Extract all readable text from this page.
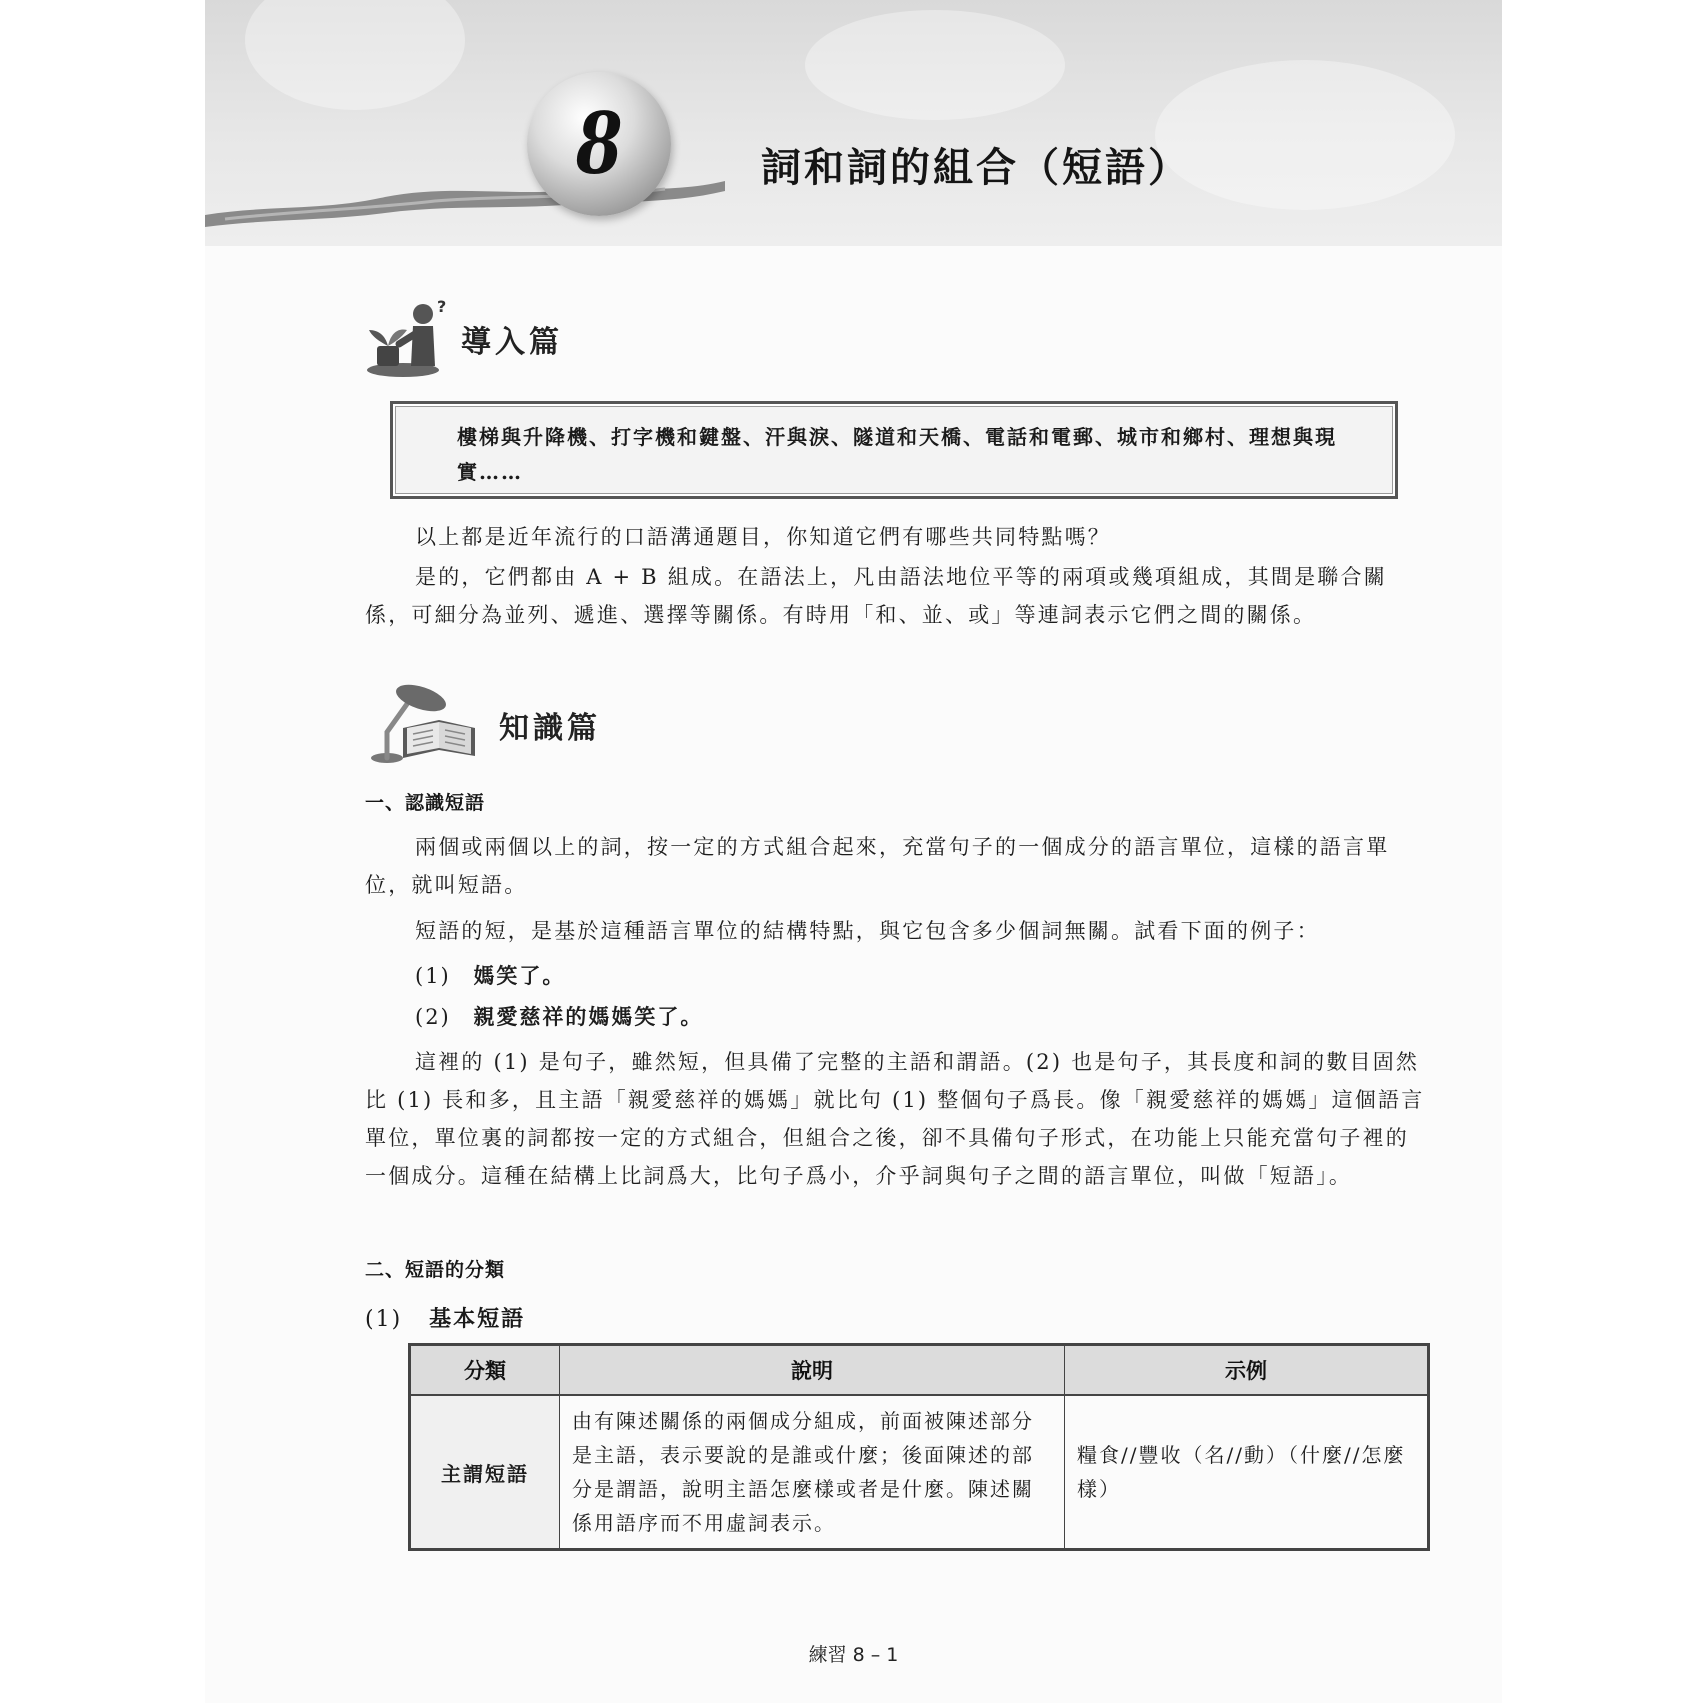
8	詞和詞的組合（短語）
?
導入篇

樓梯與升降機、打字機和鍵盤、汗與淚、隧道和天橋、電話和電郵、城市和鄉村、理想與現實……

以上都是近年流行的口語溝通題目，你知道它們有哪些共同特點嗎？

是的，它們都由 A + B 組成。在語法上，凡由語法地位平等的兩項或幾項組成，其間是聯合關係，可細分為並列、遞進、選擇等關係。有時用「和、並、或」等連詞表示它們之間的關係。

知識篇
一、認識短語

兩個或兩個以上的詞，按一定的方式組合起來，充當句子的一個成分的語言單位，這樣的語言單位，就叫短語。

短語的短，是基於這種語言單位的結構特點，與它包含多少個詞無關。試看下面的例子：

(1) 媽笑了。
(2) 親愛慈祥的媽媽笑了。

這裡的 (1) 是句子，雖然短，但具備了完整的主語和謂語。(2) 也是句子，其長度和詞的數目固然比 (1) 長和多，且主語「親愛慈祥的媽媽」就比句 (1) 整個句子爲長。像「親愛慈祥的媽媽」這個語言單位，單位裏的詞都按一定的方式組合，但組合之後，卻不具備句子形式，在功能上只能充當句子裡的一個成分。這種在結構上比詞爲大，比句子爲小，介乎詞與句子之間的語言單位，叫做「短語」。

二、短語的分類
(1) 基本短語
分類	說明	示例
主謂短語	由有陳述關係的兩個成分組成，前面被陳述部分是主語，表示要說的是誰或什麼；後面陳述的部分是謂語，說明主語怎麼樣或者是什麼。陳述關係用語序而不用虛詞表示。	糧食//豐收（名//動）（什麼//怎麼樣）
練習 8 – 1
